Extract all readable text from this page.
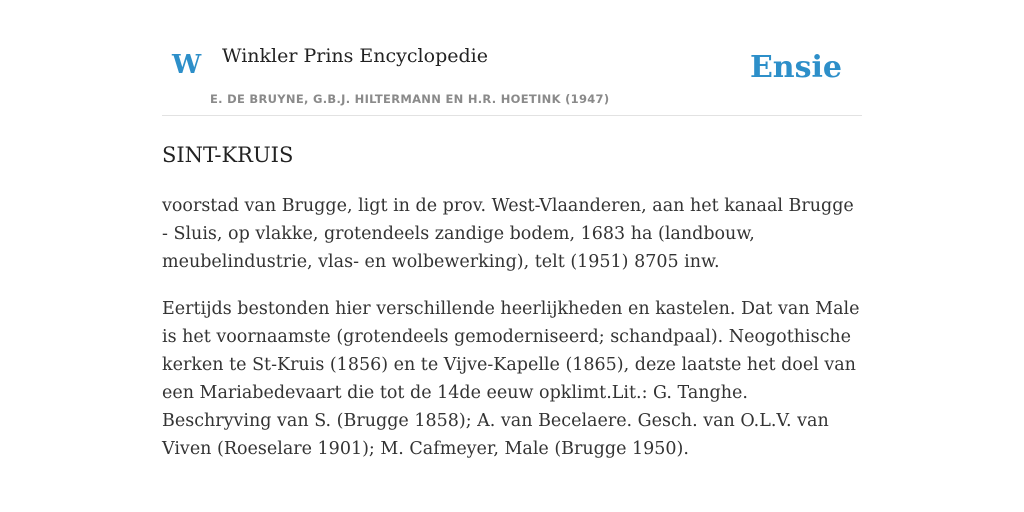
W Winkler Prins Encyclopedie
E. DE BRUYNE, G.B.J. HILTERMANN EN H.R. HOETINK (1947)
Ensie
SINT-KRUIS

voorstad van Brugge, ligt in de prov. West-Vlaanderen, aan het kanaal Brugge - Sluis, op vlakke, grotendeels zandige bodem, 1683 ha (landbouw, meubelindustrie, vlas- en wolbewerking), telt (1951) 8705 inw.

Eertijds bestonden hier verschillende heerlijkheden en kastelen. Dat van Male is het voornaamste (grotendeels gemoderniseerd; schandpaal). Neogothische kerken te St-Kruis (1856) en te Vijve-Kapelle (1865), deze laatste het doel van een Mariabedevaart die tot de 14de eeuw opklimt.Lit.: G. Tanghe. Beschryving van S. (Brugge 1858); A. van Becelaere. Gesch. van O.L.V. van Viven (Roeselare 1901); M. Cafmeyer, Male (Brugge 1950).
